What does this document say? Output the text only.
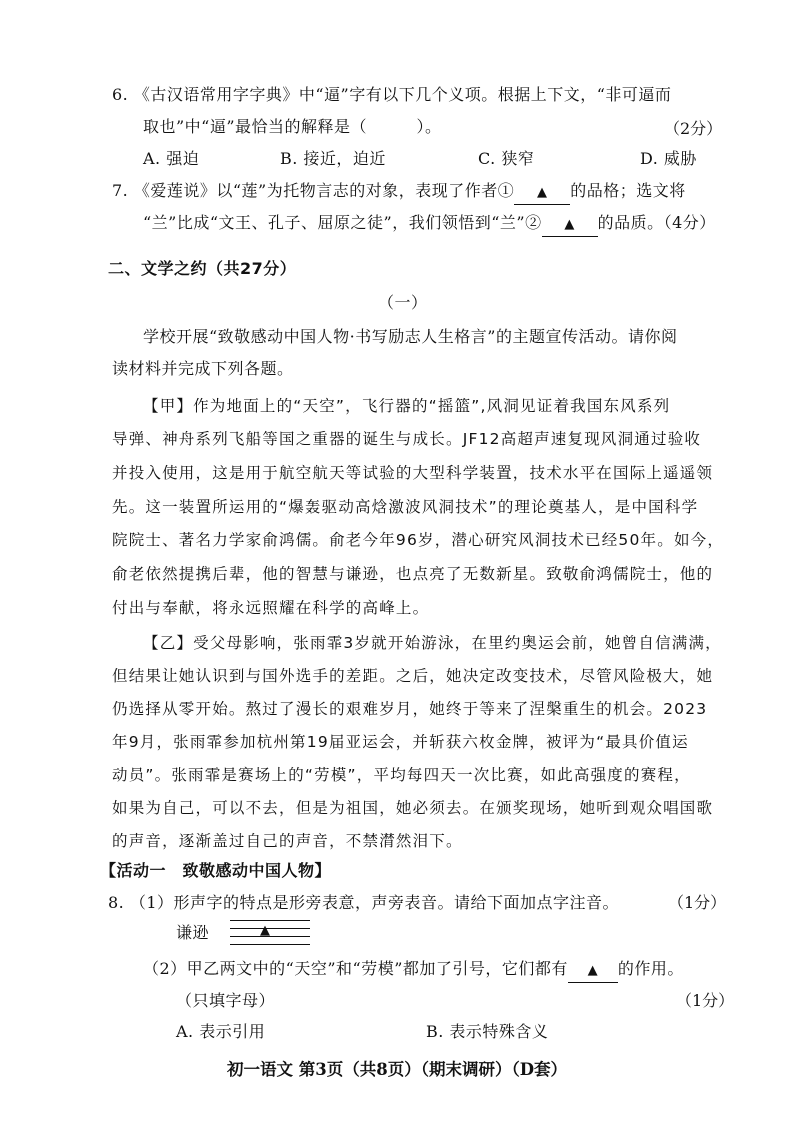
6. 《古汉语常用字字典》中“逼”字有以下几个义项。根据上下文，“非可逼而
取也”中“逼”最恰当的解释是（　　　）。	（2分）
A. 强迫	B. 接近，迫近	C. 狭窄	D. 威胁
7. 《爱莲说》以“莲”为托物言志的对象，表现了作者① ▲ 的品格；选文将
“兰”比成“文王、孔子、屈原之徒”，我们领悟到“兰”② ▲ 的品质。（4分）
二、文学之约（共27分）
（一）
学校开展“致敬感动中国人物·书写励志人生格言”的主题宣传活动。请你阅
读材料并完成下列各题。
【甲】作为地面上的“天空”，飞行器的“摇篮”,风洞见证着我国东风系列
导弹、神舟系列飞船等国之重器的诞生与成长。JF12高超声速复现风洞通过验收
并投入使用，这是用于航空航天等试验的大型科学装置，技术水平在国际上遥遥领
先。这一装置所运用的“爆轰驱动高焓激波风洞技术”的理论奠基人，是中国科学
院院士、著名力学家俞鸿儒。俞老今年96岁，潜心研究风洞技术已经50年。如今，
俞老依然提携后辈，他的智慧与谦逊，也点亮了无数新星。致敬俞鸿儒院士，他的
付出与奉献，将永远照耀在科学的高峰上。
【乙】受父母影响，张雨霏3岁就开始游泳，在里约奥运会前，她曾自信满满，
但结果让她认识到与国外选手的差距。之后，她决定改变技术，尽管风险极大，她
仍选择从零开始。熬过了漫长的艰难岁月，她终于等来了涅槃重生的机会。2023
年9月，张雨霏参加杭州第19届亚运会，并斩获六枚金牌，被评为“最具价值运
动员”。张雨霏是赛场上的“劳模”，平均每四天一次比赛，如此高强度的赛程，
如果为自己，可以不去，但是为祖国，她必须去。在颁奖现场，她听到观众唱国歌
的声音，逐渐盖过自己的声音，不禁潸然泪下。
【活动一　致敬感动中国人物】
8. （1）形声字的特点是形旁表意，声旁表音。请给下面加点字注音。	（1分）
谦逊	▲
（2）甲乙两文中的“天空”和“劳模”都加了引号，它们都有 ▲ 的作用。
（只填字母）	（1分）
A. 表示引用	B. 表示特殊含义
初一语文 第3页（共8页）（期末调研）（D套）
